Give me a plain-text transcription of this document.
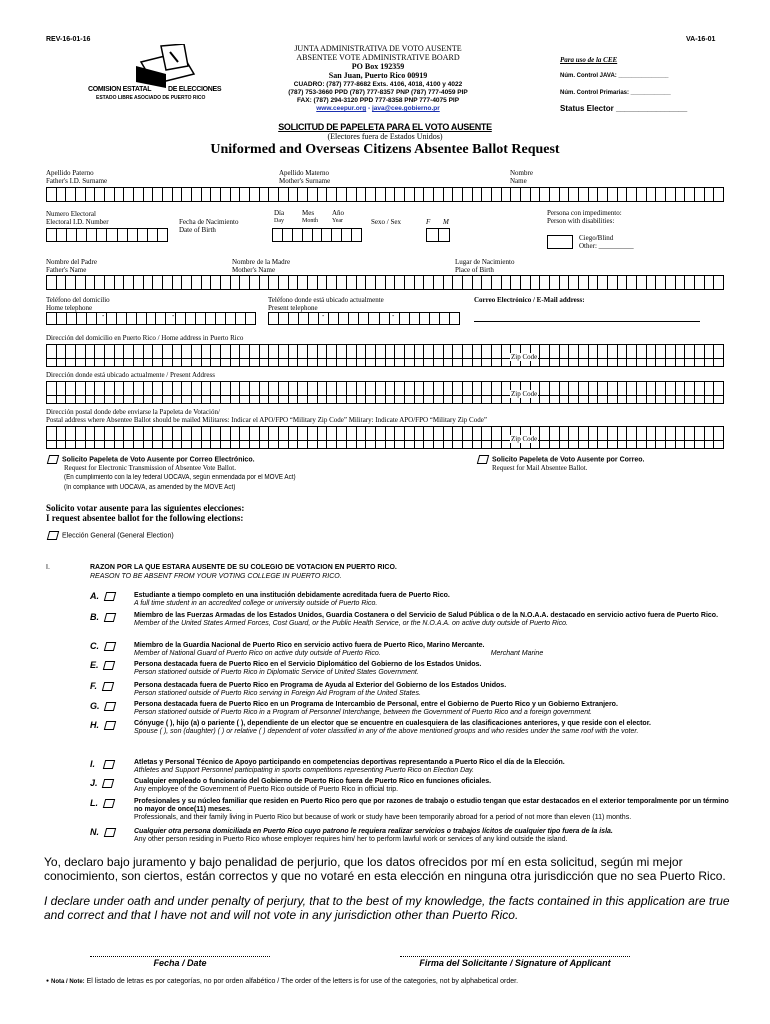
REV-16-01-16	VA-16-01
COMISION ESTATAL DE ELECCIONES
ESTADO LIBRE ASOCIADO DE PUERTO RICO
JUNTA ADMINISTRATIVA DE VOTO AUSENTE
ABSENTEE VOTE ADMINISTRATIVE BOARD
PO Box 192359
San Juan, Puerto Rico 00919
CUADRO: (787) 777-8682 Exts. 4106, 4018, 4100 y 4022
(787) 753-3660 PPD (787) 777-8357 PNP (787) 777-4059 PIP
FAX: (787) 294-3120 PPD 777-8358 PNP 777-4075 PIP
www.ceepur.org - java@cee.gobierno.pr
Para uso de la CEE
Núm. Control JAVA: _______________
Núm. Control Primarias: ____________
Status Elector ________________
SOLICITUD DE PAPELETA PARA EL VOTO AUSENTE
(Electores fuera de Estados Unidos)
Uniformed and Overseas Citizens Absentee Ballot Request
Apellido Paterno
Father's I.D. Surname
Apellido Materno
Mother's Surname
Nombre
Name
Numero Electoral
Electoral I.D. Number	Fecha de Nacimiento
Date of Birth
Día
Day
Mes
Month
Año
Year	Sexo / Sex	F M
Persona con impedimento:
Person with disabilities:
Ciego/Blind
Other: __________
Nombre del Padre
Father's Name
Nombre de la Madre
Mother's Name
Lugar de Nacimiento
Place of Birth
Teléfono del domicilio
Home telephone
Teléfono donde está ubicado actualmente
Present telephone
Correo Electrónico / E-Mail address:
-	-	-	-
Dirección del domicilio en Puerto Rico / Home address in Puerto Rico
Zip Code
Dirección donde está ubicado actualmente / Present Address
Zip Code
Dirección postal donde debe enviarse la Papeleta de Votación/
Postal address where Absentee Ballot should be mailed Militares: Indicar el APO/FPO “Military Zip Code” Military: Indicate APO/FPO “Military Zip Code”
Zip Code
Solicito Papeleta de Voto Ausente por Correo Electrónico.
Request for Electronic Transmission of Absentee Vote Ballot.
(En cumplimiento con la ley federal UOCAVA, según enmendada por el MOVE Act)
(In compliance with UOCAVA, as amended by the MOVE Act)
Solicito Papeleta de Voto Ausente por Correo.
Request for Mail Absentee Ballot.
Solicito votar ausente para las siguientes elecciones:
I request absentee ballot for the following elections:
Elección General (General Election)
I.	RAZON POR LA QUE ESTARA AUSENTE DE SU COLEGIO DE VOTACION EN PUERTO RICO.
REASON TO BE ABSENT FROM YOUR VOTING COLLEGE IN PUERTO RICO.
A.	Estudiante a tiempo completo en una institución debidamente acreditada fuera de Puerto Rico.
A full time student in an accredited college or university outside of Puerto Rico.
B.	Miembro de las Fuerzas Armadas de los Estados Unidos, Guardia Costanera o del Servicio de Salud Pública o de la N.O.A.A. destacado en servicio activo fuera de Puerto Rico.
Member of the United States Armed Forces, Cost Guard, or the Public Health Service, or the N.O.A.A. on active duty outside of Puerto Rico.
C.	Miembro de la Guardia Nacional de Puerto Rico en servicio activo fuera de Puerto Rico, Marino Mercante.
Member of National Guard of Puerto Rico on active duty outside of Puerto Rico.	Merchant Marine
E.	Persona destacada fuera de Puerto Rico en el Servicio Diplomático del Gobierno de los Estados Unidos.
Person stationed outside of Puerto Rico in Diplomatic Service of United States Government.
F.	Persona destacada fuera de Puerto Rico en Programa de Ayuda al Exterior del Gobierno de los Estados Unidos.
Person stationed outside of Puerto Rico serving in Foreign Aid Program of the United States.
G.	Persona destacada fuera de Puerto Rico en un Programa de Intercambio de Personal, entre el Gobierno de Puerto Rico y un Gobierno Extranjero.
Person stationed outside of Puerto Rico in a Program of Personnel Interchange, between the Government of Puerto Rico and a foreign government.
H.	Cónyuge ( ), hijo (a) o pariente ( ), dependiente de un elector que se encuentre en cualesquiera de las clasificaciones anteriores, y que reside con el elector.
Spouse ( ), son (daughter) ( ) or relative ( ) dependent of voter classified in any of the above mentioned groups and who resides under the same roof with the voter.
I.	Atletas y Personal Técnico de Apoyo participando en competencias deportivas representando a Puerto Rico el día de la Elección.
Athletes and Support Personnel participating in sports competitions representing Puerto Rico on Election Day.
J.	Cualquier empleado o funcionario del Gobierno de Puerto Rico fuera de Puerto Rico en funciones oficiales.
Any employee of the Government of Puerto Rico outside of Puerto Rico in official trip.
L.	Profesionales y su núcleo familiar que residen en Puerto Rico pero que por razones de trabajo o estudio tengan que estar destacados en el exterior temporalmente por un término no mayor de once(11) meses.
Professionals, and their family living in Puerto Rico but because of work or study have been temporarily abroad for a period of not more than eleven (11) months.
N.	Cualquier otra persona domiciliada en Puerto Rico cuyo patrono le requiera realizar servicios o trabajos lícitos de cualquier tipo fuera de la isla.
Any other person residing in Puerto Rico whose employer requires him/ her to perform lawful work or services of any kind outside the island.
Yo, declaro bajo juramento y bajo penalidad de perjurio, que los datos ofrecidos por mí en esta solicitud, según mi mejor conocimiento, son ciertos, están correctos y que no votaré en esta elección en ninguna otra jurisdicción que no sea Puerto Rico.
I declare under oath and under penalty of perjury, that to the best of my knowledge, the facts contained in this application are true and correct and that I have not and will not vote in any jurisdiction other than Puerto Rico.
Fecha / Date	Firma del Solicitante / Signature of Applicant
● Nota / Note: El listado de letras es por categorías, no por orden alfabético / The order of the letters is for use of the categories, not by alphabetical order.
